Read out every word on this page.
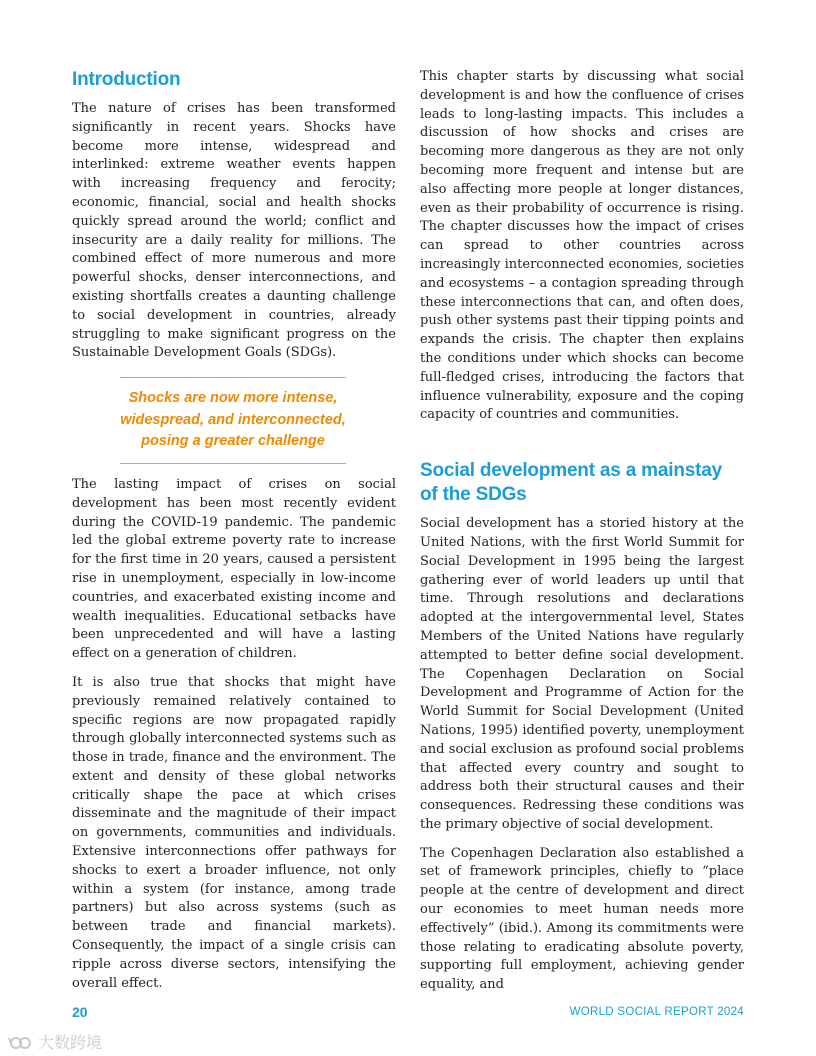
Introduction

The nature of crises has been transformed significantly in recent years. Shocks have become more intense, widespread and interlinked: extreme weather events happen with increasing frequency and ferocity; economic, financial, social and health shocks quickly spread around the world; conflict and insecurity are a daily reality for millions. The combined effect of more numerous and more powerful shocks, denser interconnections, and existing shortfalls creates a daunting challenge to social development in countries, already struggling to make significant progress on the Sustainable Development Goals (SDGs).

Shocks are now more intense, widespread, and interconnected, posing a greater challenge

The lasting impact of crises on social development has been most recently evident during the COVID-19 pandemic. The pandemic led the global extreme poverty rate to increase for the first time in 20 years, caused a persistent rise in unemployment, especially in low-income countries, and exacerbated existing income and wealth inequalities. Educational setbacks have been unprecedented and will have a lasting effect on a generation of children.

It is also true that shocks that might have previously remained relatively contained to specific regions are now propagated rapidly through globally interconnected systems such as those in trade, finance and the environment. The extent and density of these global networks critically shape the pace at which crises disseminate and the magnitude of their impact on governments, communities and individuals. Extensive interconnections offer pathways for shocks to exert a broader influence, not only within a system (for instance, among trade partners) but also across systems (such as between trade and financial markets). Consequently, the impact of a single crisis can ripple across diverse sectors, intensifying the overall effect.

This chapter starts by discussing what social development is and how the confluence of crises leads to long-lasting impacts. This includes a discussion of how shocks and crises are becoming more dangerous as they are not only becoming more frequent and intense but are also affecting more people at longer distances, even as their probability of occurrence is rising. The chapter discusses how the impact of crises can spread to other countries across increasingly interconnected economies, societies and ecosystems – a contagion spreading through these interconnections that can, and often does, push other systems past their tipping points and expands the crisis. The chapter then explains the conditions under which shocks can become full-fledged crises, introducing the factors that influence vulnerability, exposure and the coping capacity of countries and communities.

Social development as a mainstay of the SDGs

Social development has a storied history at the United Nations, with the first World Summit for Social Development in 1995 being the largest gathering ever of world leaders up until that time. Through resolutions and declarations adopted at the intergovernmental level, States Members of the United Nations have regularly attempted to better define social development. The Copenhagen Declaration on Social Development and Programme of Action for the World Summit for Social Development (United Nations, 1995) identified poverty, unemployment and social exclusion as profound social problems that affected every country and sought to address both their structural causes and their consequences. Redressing these conditions was the primary objective of social development.

The Copenhagen Declaration also established a set of framework principles, chiefly to “place people at the centre of development and direct our economies to meet human needs more effectively” (ibid.). Among its commitments were those relating to eradicating absolute poverty, supporting full employment, achieving gender equality, and

20	WORLD SOCIAL REPORT 2024
大数跨境
